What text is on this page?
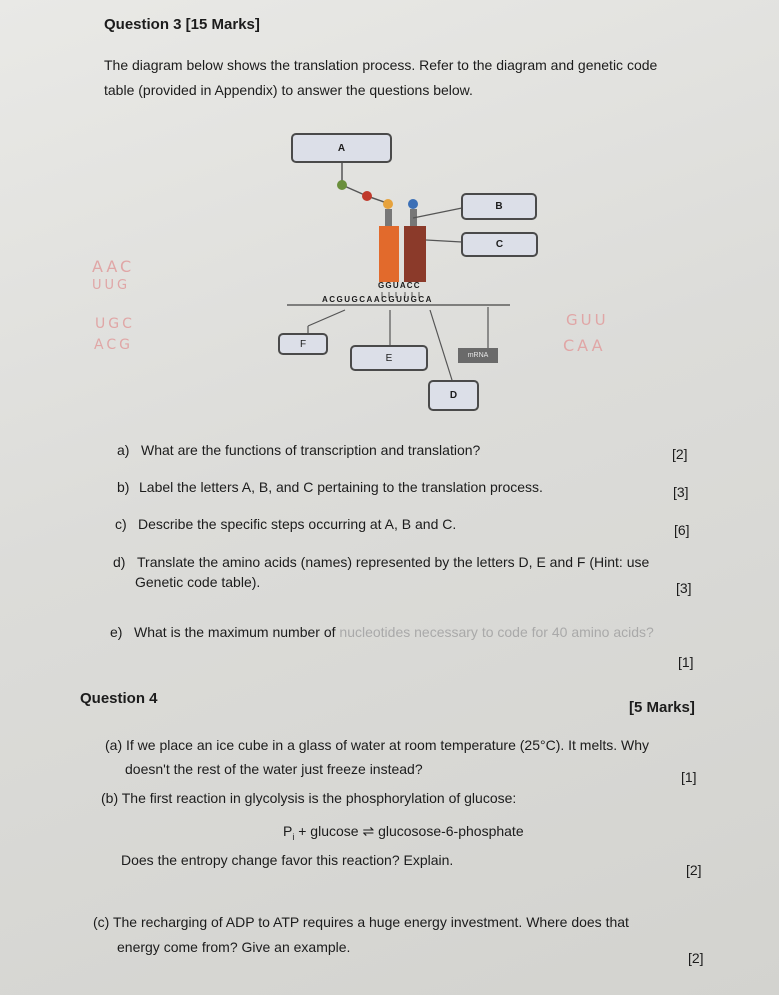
Question 3 [15 Marks]
The diagram below shows the translation process. Refer to the diagram and genetic code
table (provided in Appendix) to answer the questions below.
A
B
C
F
E
D
mRNA
GGUACC
ACGUGCAACGUUGCA
AAC
UUG
UGC
ACG
GUU
CAA
a) What are the functions of transcription and translation?	[2]
b) Label the letters A, B, and C pertaining to the translation process.	[3]
c) Describe the specific steps occurring at A, B and C.	[6]
d) Translate the amino acids (names) represented by the letters D, E and F (Hint: use
Genetic code table).	[3]
e) What is the maximum number of nucleotides necessary to code for 40 amino acids?
[1]
Question 4
[5 Marks]
(a) If we place an ice cube in a glass of water at room temperature (25°C). It melts. Why
doesn't the rest of the water just freeze instead?	[1]
(b) The first reaction in glycolysis is the phosphorylation of glucose:
$P_i + glucose$ ⇌ glucosose-6-phosphate
Does the entropy change favor this reaction? Explain.
[2]
(c) The recharging of ADP to ATP requires a huge energy investment. Where does that
energy come from? Give an example.
[2]
